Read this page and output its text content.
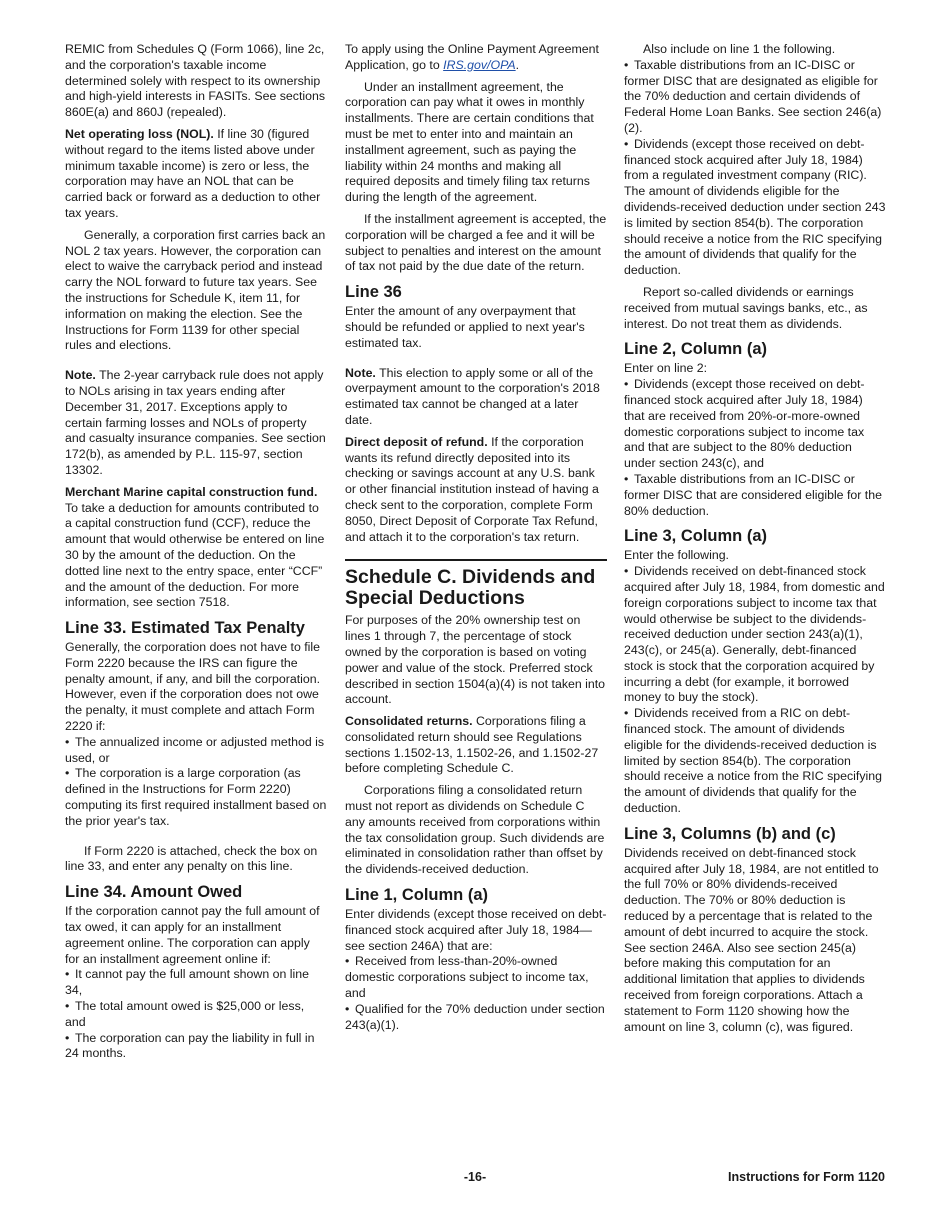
REMIC from Schedules Q (Form 1066), line 2c, and the corporation's taxable income determined solely with respect to its ownership and high-yield interests in FASITs. See sections 860E(a) and 860J (repealed).

Net operating loss (NOL). If line 30 (figured without regard to the items listed above under minimum taxable income) is zero or less, the corporation may have an NOL that can be carried back or forward as a deduction to other tax years.

Generally, a corporation first carries back an NOL 2 tax years. However, the corporation can elect to waive the carryback period and instead carry the NOL forward to future tax years. See the instructions for Schedule K, item 11, for information on making the election. See the Instructions for Form 1139 for other special rules and elections.

Note. The 2-year carryback rule does not apply to NOLs arising in tax years ending after December 31, 2017. Exceptions apply to certain farming losses and NOLs of property and casualty insurance companies. See section 172(b), as amended by P.L. 115-97, section 13302.

Merchant Marine capital construction fund. To take a deduction for amounts contributed to a capital construction fund (CCF), reduce the amount that would otherwise be entered on line 30 by the amount of the deduction. On the dotted line next to the entry space, enter “CCF” and the amount of the deduction. For more information, see section 7518.

Line 33. Estimated Tax Penalty

Generally, the corporation does not have to file Form 2220 because the IRS can figure the penalty amount, if any, and bill the corporation. However, even if the corporation does not owe the penalty, it must complete and attach Form 2220 if:

• The annualized income or adjusted method is used, or
• The corporation is a large corporation (as defined in the Instructions for Form 2220) computing its first required installment based on the prior year's tax.

If Form 2220 is attached, check the box on line 33, and enter any penalty on this line.

Line 34. Amount Owed

If the corporation cannot pay the full amount of tax owed, it can apply for an installment agreement online. The corporation can apply for an installment agreement online if:

• It cannot pay the full amount shown on line 34,
• The total amount owed is $25,000 or less, and
• The corporation can pay the liability in full in 24 months.

To apply using the Online Payment Agreement Application, go to IRS.gov/OPA.

Under an installment agreement, the corporation can pay what it owes in monthly installments. There are certain conditions that must be met to enter into and maintain an installment agreement, such as paying the liability within 24 months and making all required deposits and timely filing tax returns during the length of the agreement.

If the installment agreement is accepted, the corporation will be charged a fee and it will be subject to penalties and interest on the amount of tax not paid by the due date of the return.

Line 36

Enter the amount of any overpayment that should be refunded or applied to next year's estimated tax.

Note. This election to apply some or all of the overpayment amount to the corporation's 2018 estimated tax cannot be changed at a later date.

Direct deposit of refund. If the corporation wants its refund directly deposited into its checking or savings account at any U.S. bank or other financial institution instead of having a check sent to the corporation, complete Form 8050, Direct Deposit of Corporate Tax Refund, and attach it to the corporation's tax return.

Schedule C. Dividends and Special Deductions

For purposes of the 20% ownership test on lines 1 through 7, the percentage of stock owned by the corporation is based on voting power and value of the stock. Preferred stock described in section 1504(a)(4) is not taken into account.

Consolidated returns. Corporations filing a consolidated return should see Regulations sections 1.1502-13, 1.1502-26, and 1.1502-27 before completing Schedule C.

Corporations filing a consolidated return must not report as dividends on Schedule C any amounts received from corporations within the tax consolidation group. Such dividends are eliminated in consolidation rather than offset by the dividends-received deduction.

Line 1, Column (a)

Enter dividends (except those received on debt-financed stock acquired after July 18, 1984—see section 246A) that are:

• Received from less-than-20%-owned domestic corporations subject to income tax, and
• Qualified for the 70% deduction under section 243(a)(1).

Also include on line 1 the following.

• Taxable distributions from an IC-DISC or former DISC that are designated as eligible for the 70% deduction and certain dividends of Federal Home Loan Banks. See section 246(a)(2).
• Dividends (except those received on debt-financed stock acquired after July 18, 1984) from a regulated investment company (RIC). The amount of dividends eligible for the dividends-received deduction under section 243 is limited by section 854(b). The corporation should receive a notice from the RIC specifying the amount of dividends that qualify for the deduction.

Report so-called dividends or earnings received from mutual savings banks, etc., as interest. Do not treat them as dividends.

Line 2, Column (a)

Enter on line 2:

• Dividends (except those received on debt-financed stock acquired after July 18, 1984) that are received from 20%-or-more-owned domestic corporations subject to income tax and that are subject to the 80% deduction under section 243(c), and
• Taxable distributions from an IC-DISC or former DISC that are considered eligible for the 80% deduction.
Line 3, Column (a)

Enter the following.

• Dividends received on debt-financed stock acquired after July 18, 1984, from domestic and foreign corporations subject to income tax that would otherwise be subject to the dividends-received deduction under section 243(a)(1), 243(c), or 245(a). Generally, debt-financed stock is stock that the corporation acquired by incurring a debt (for example, it borrowed money to buy the stock).
• Dividends received from a RIC on debt-financed stock. The amount of dividends eligible for the dividends-received deduction is limited by section 854(b). The corporation should receive a notice from the RIC specifying the amount of dividends that qualify for the deduction.
Line 3, Columns (b) and (c)

Dividends received on debt-financed stock acquired after July 18, 1984, are not entitled to the full 70% or 80% dividends-received deduction. The 70% or 80% deduction is reduced by a percentage that is related to the amount of debt incurred to acquire the stock. See section 246A. Also see section 245(a) before making this computation for an additional limitation that applies to dividends received from foreign corporations. Attach a statement to Form 1120 showing how the amount on line 3, column (c), was figured.

-16-	Instructions for Form 1120
